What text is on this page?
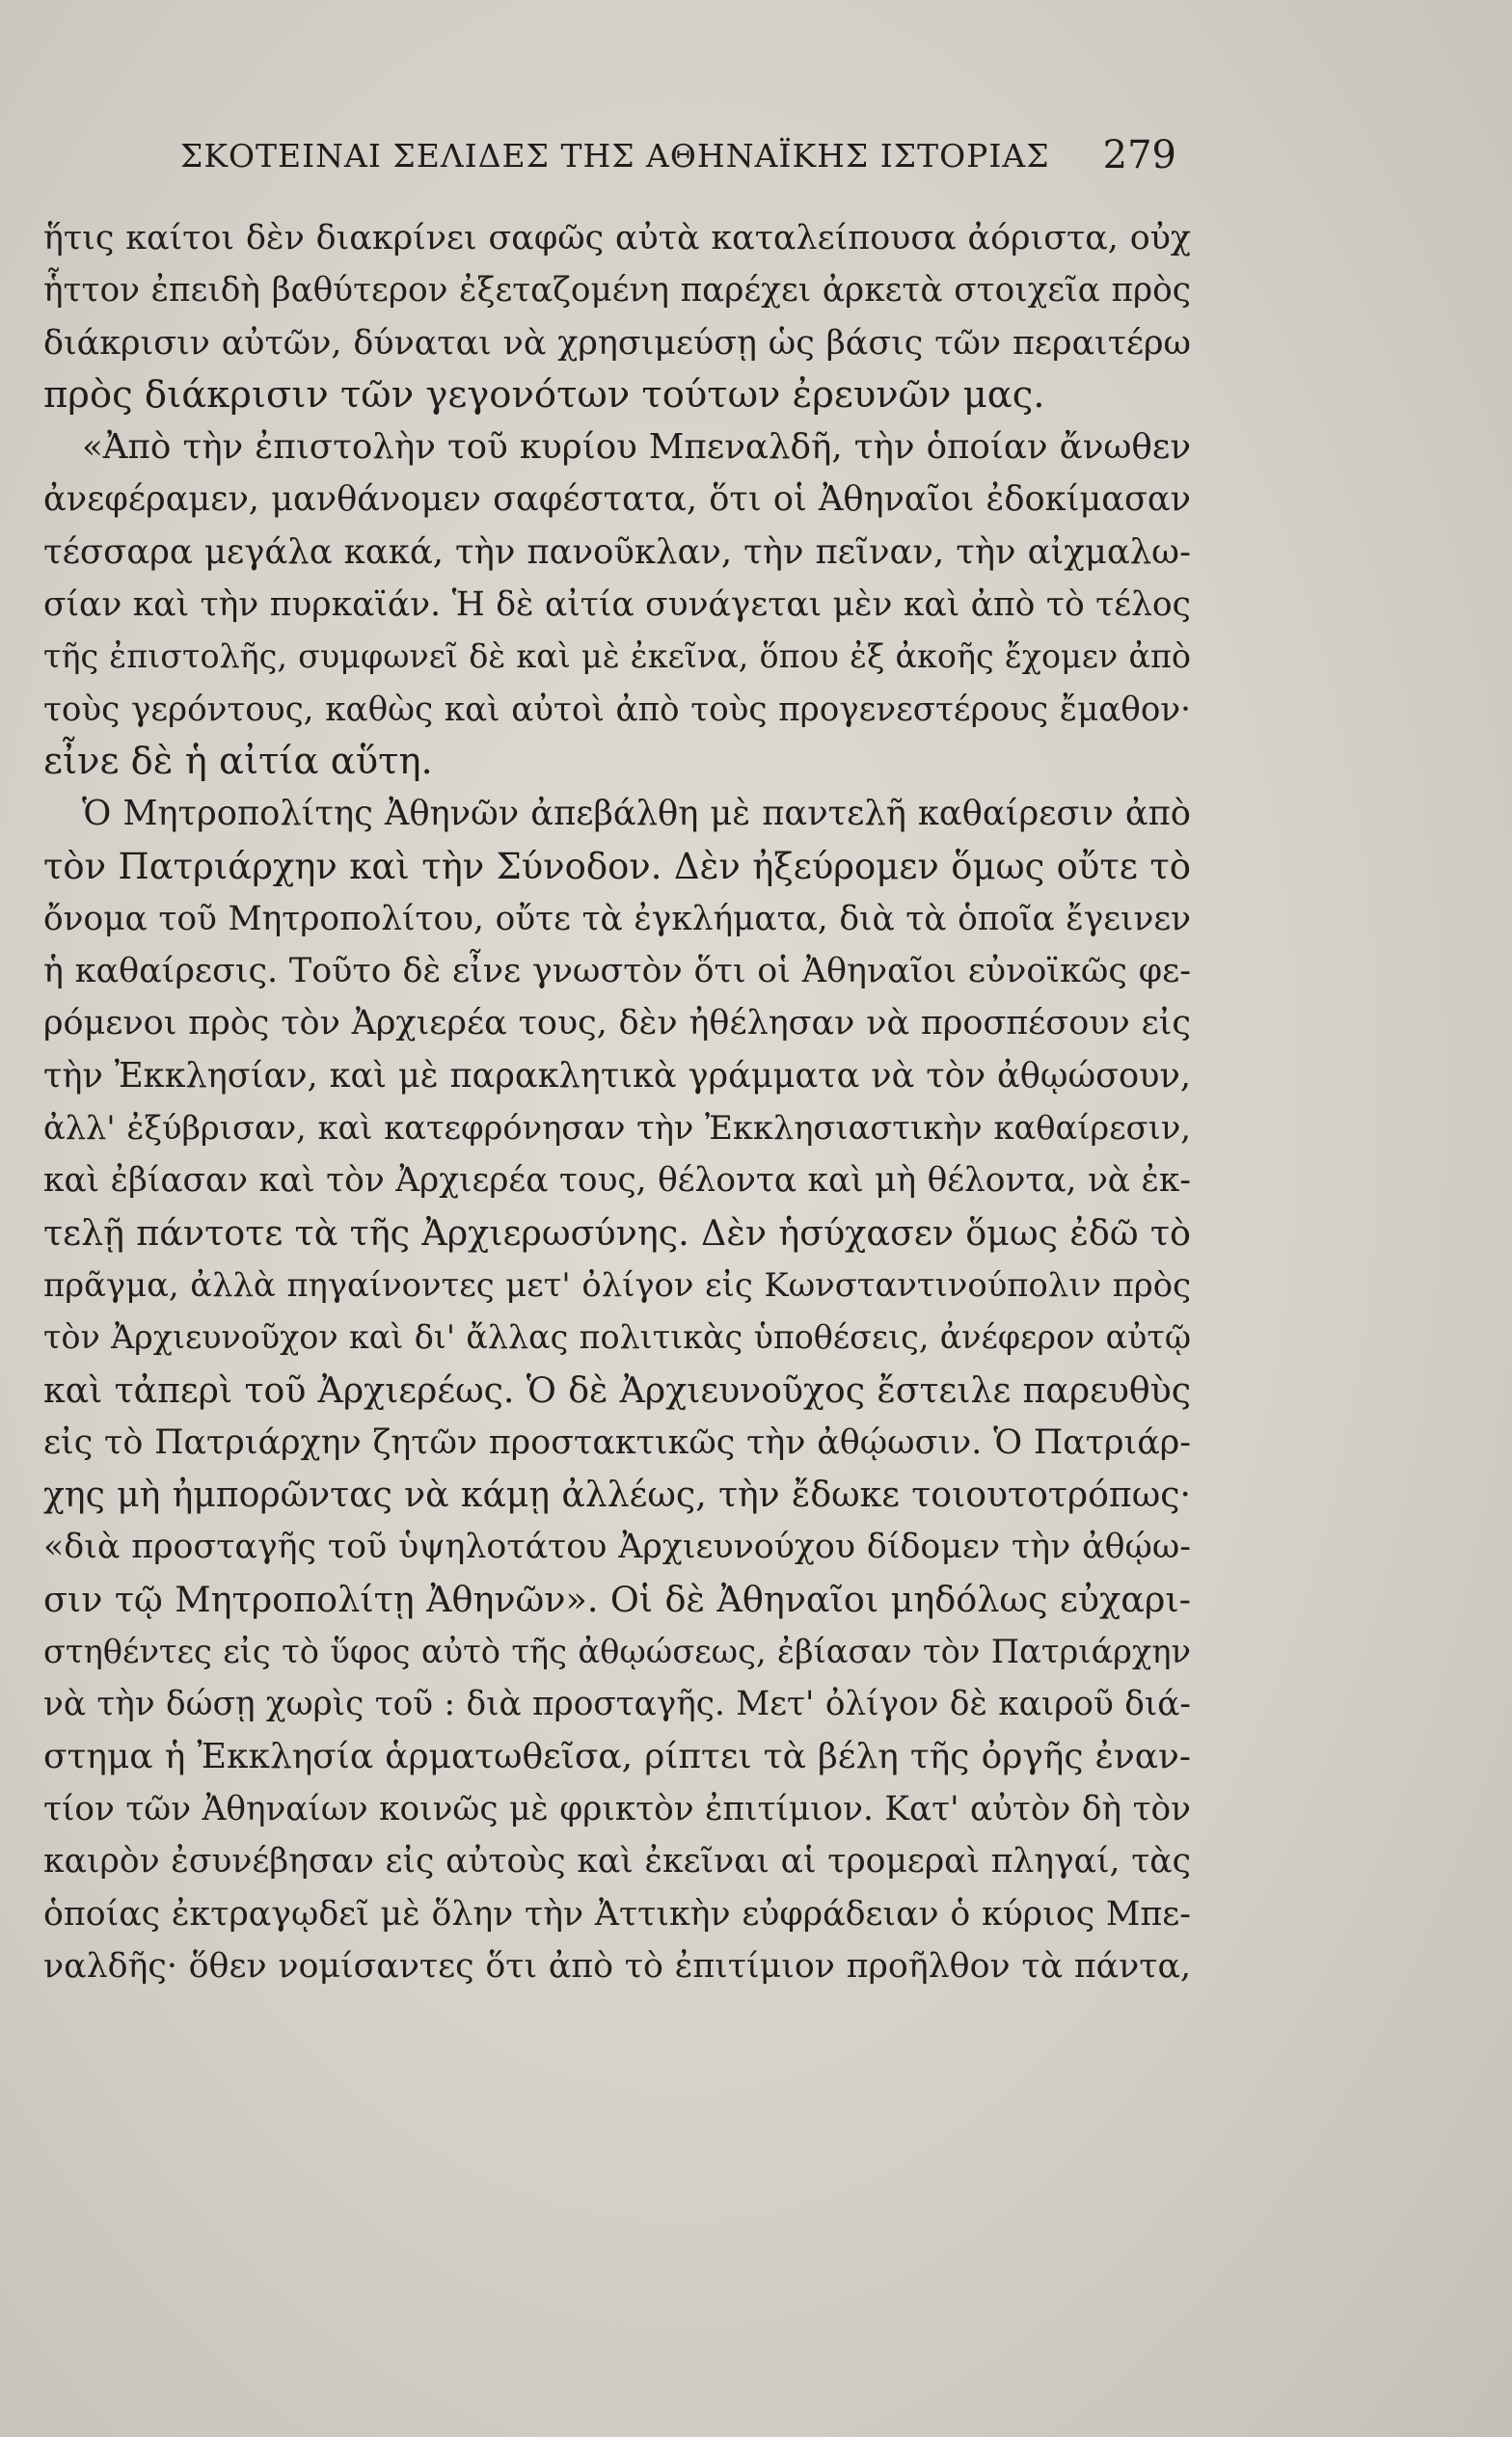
ΣΚΟΤΕΙΝΑΙ ΣΕΛΙΔΕΣ ΤΗΣ ΑΘΗΝΑΪΚΗΣ ΙΣΤΟΡΙΑΣ 279
ἥτις καίτοι δὲν διακρίνει σαφῶς αὐτὰ καταλείπουσα ἀόριστα, οὐχ
ἧττον ἐπειδὴ βαθύτερον ἐξεταζομένη παρέχει ἀρκετὰ στοιχεῖα πρὸς
διάκρισιν αὐτῶν, δύναται νὰ χρησιμεύσῃ ὡς βάσις τῶν περαιτέρω
πρὸς διάκρισιν τῶν γεγονότων τούτων ἐρευνῶν μας.
«Ἀπὸ τὴν ἐπιστολὴν τοῦ κυρίου Μπεναλδῆ, τὴν ὁποίαν ἄνωθεν
ἀνεφέραμεν, μανθάνομεν σαφέστατα, ὅτι οἱ Ἀθηναῖοι ἐδοκίμασαν
τέσσαρα μεγάλα κακά, τὴν πανοῦκλαν, τὴν πεῖναν, τὴν αἰχμαλω-
σίαν καὶ τὴν πυρκαϊάν. Ἡ δὲ αἰτία συνάγεται μὲν καὶ ἀπὸ τὸ τέλος
τῆς ἐπιστολῆς, συμφωνεῖ δὲ καὶ μὲ ἐκεῖνα, ὅπου ἐξ ἀκοῆς ἔχομεν ἀπὸ
τοὺς γερόντους, καθὼς καὶ αὐτοὶ ἀπὸ τοὺς προγενεστέρους ἔμαθον·
εἶνε δὲ ἡ αἰτία αὕτη.
Ὁ Μητροπολίτης Ἀθηνῶν ἀπεβάλθη μὲ παντελῆ καθαίρεσιν ἀπὸ
τὸν Πατριάρχην καὶ τὴν Σύνοδον. Δὲν ἠξεύρομεν ὅμως οὔτε τὸ
ὄνομα τοῦ Μητροπολίτου, οὔτε τὰ ἐγκλήματα, διὰ τὰ ὁποῖα ἔγεινεν
ἡ καθαίρεσις. Τοῦτο δὲ εἶνε γνωστὸν ὅτι οἱ Ἀθηναῖοι εὐνοϊκῶς φε-
ρόμενοι πρὸς τὸν Ἀρχιερέα τους, δὲν ἠθέλησαν νὰ προσπέσουν εἰς
τὴν Ἐκκλησίαν, καὶ μὲ παρακλητικὰ γράμματα νὰ τὸν ἀθῳώσουν,
ἀλλ' ἐξύβρισαν, καὶ κατεφρόνησαν τὴν Ἐκκλησιαστικὴν καθαίρεσιν,
καὶ ἐβίασαν καὶ τὸν Ἀρχιερέα τους, θέλοντα καὶ μὴ θέλοντα, νὰ ἐκ-
τελῇ πάντοτε τὰ τῆς Ἀρχιερωσύνης. Δὲν ἡσύχασεν ὅμως ἐδῶ τὸ
πρᾶγμα, ἀλλὰ πηγαίνοντες μετ' ὀλίγον εἰς Κωνσταντινούπολιν πρὸς
τὸν Ἀρχιευνοῦχον καὶ δι' ἄλλας πολιτικὰς ὑποθέσεις, ἀνέφερον αὐτῷ
καὶ τἀπερὶ τοῦ Ἀρχιερέως. Ὁ δὲ Ἀρχιευνοῦχος ἔστειλε παρευθὺς
εἰς τὸ Πατριάρχην ζητῶν προστακτικῶς τὴν ἀθῴωσιν. Ὁ Πατριάρ-
χης μὴ ἠμπορῶντας νὰ κάμῃ ἀλλέως, τὴν ἔδωκε τοιουτοτρόπως·
«διὰ προσταγῆς τοῦ ὑψηλοτάτου Ἀρχιευνούχου δίδομεν τὴν ἀθῴω-
σιν τῷ Μητροπολίτῃ Ἀθηνῶν». Οἱ δὲ Ἀθηναῖοι μηδόλως εὐχαρι-
στηθέντες εἰς τὸ ὕφος αὐτὸ τῆς ἀθῳώσεως, ἐβίασαν τὸν Πατριάρχην
νὰ τὴν δώσῃ χωρὶς τοῦ : διὰ προσταγῆς. Μετ' ὀλίγον δὲ καιροῦ διά-
στημα ἡ Ἐκκλησία ἁρματωθεῖσα, ρίπτει τὰ βέλη τῆς ὀργῆς ἐναν-
τίον τῶν Ἀθηναίων κοινῶς μὲ φρικτὸν ἐπιτίμιον. Κατ' αὐτὸν δὴ τὸν
καιρὸν ἐσυνέβησαν εἰς αὐτοὺς καὶ ἐκεῖναι αἱ τρομεραὶ πληγαί, τὰς
ὁποίας ἐκτραγῳδεῖ μὲ ὅλην τὴν Ἀττικὴν εὐφράδειαν ὁ κύριος Μπε-
ναλδῆς· ὅθεν νομίσαντες ὅτι ἀπὸ τὸ ἐπιτίμιον προῆλθον τὰ πάντα,
